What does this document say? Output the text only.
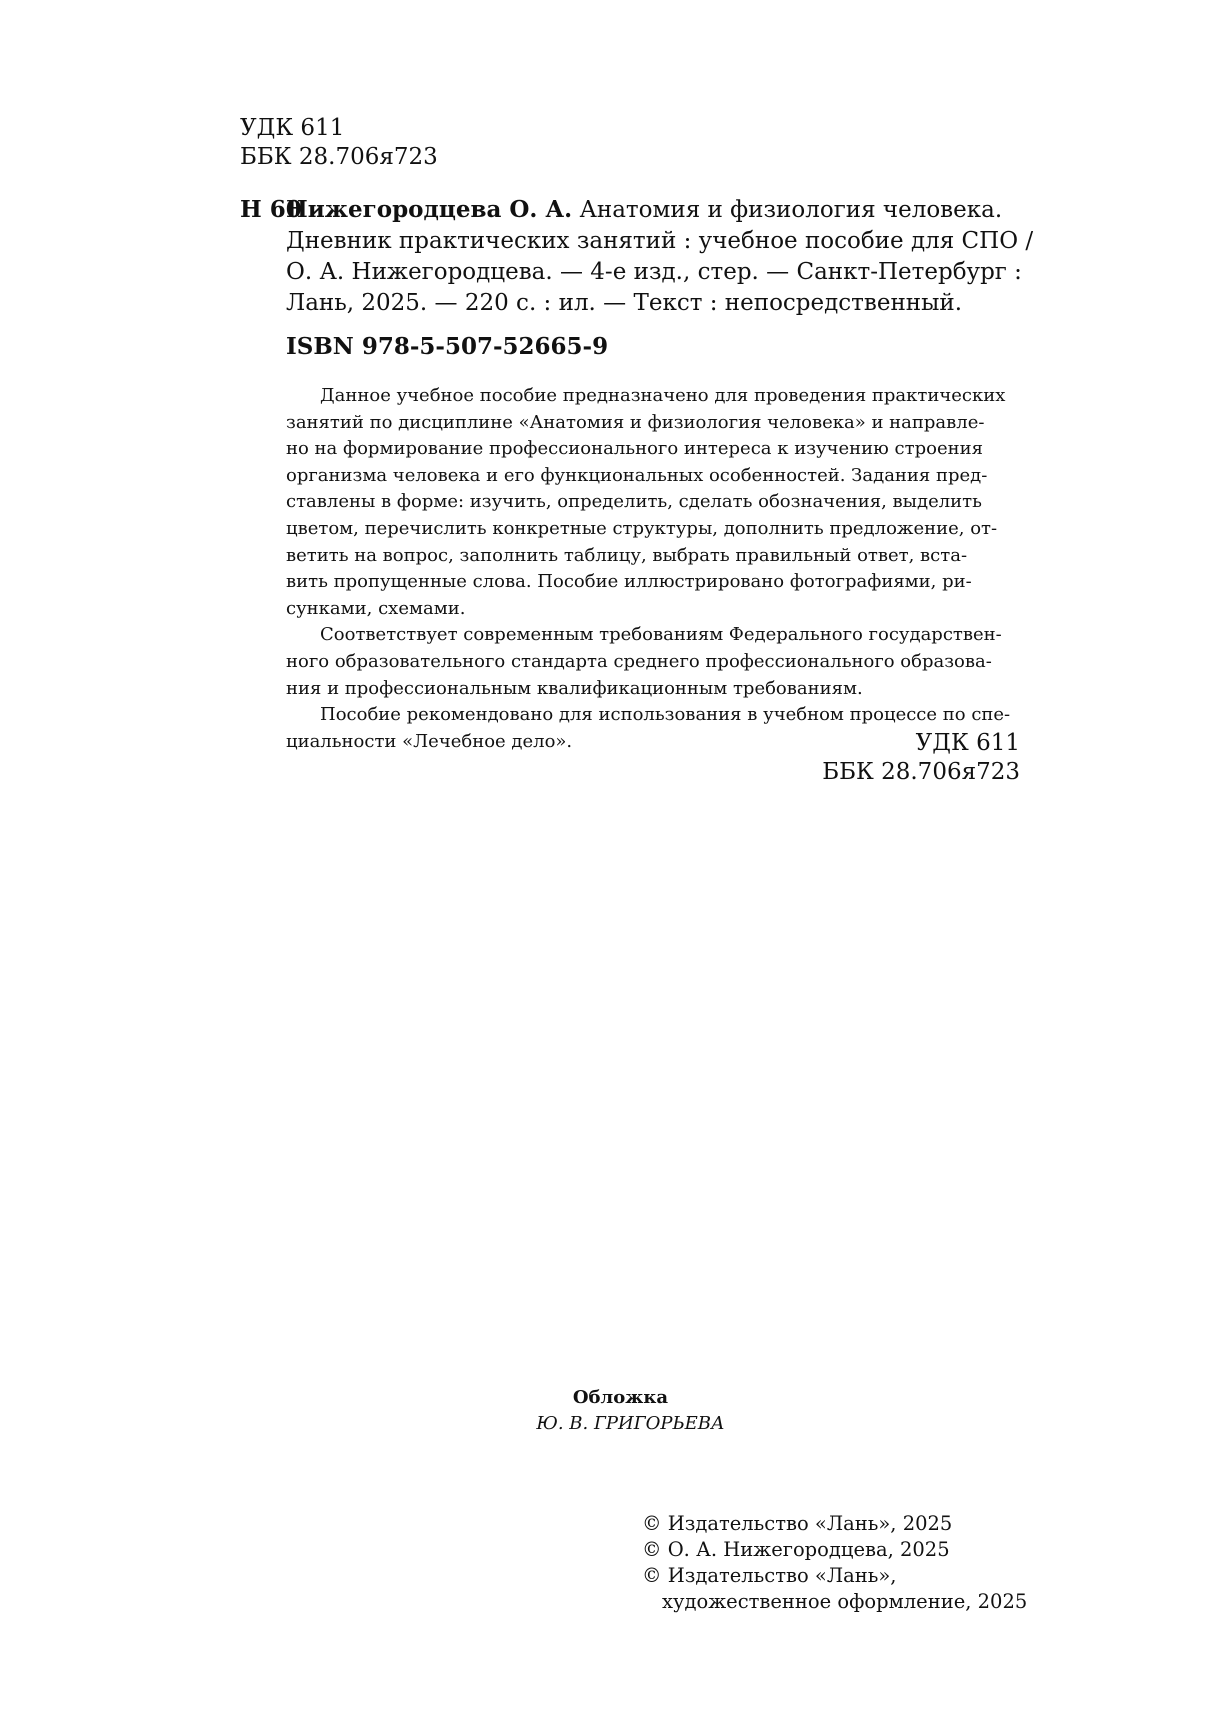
УДК 611
ББК 28.706я723
Н 60Нижегородцева О. А. Анатомия и физиология человека.
Дневник практических занятий : учебное пособие для СПО /
О. А. Нижегородцева. — 4-е изд., стер. — Санкт-Петербург :
Лань, 2025. — 220 с. : ил. — Текст : непосредственный.
ISBN 978-5-507-52665-9
Данное учебное пособие предназначено для проведения практических
занятий по дисциплине «Анатомия и физиология человека» и направле-
но на формирование профессионального интереса к изучению строения
организма человека и его функциональных особенностей. Задания пред-
ставлены в форме: изучить, определить, сделать обозначения, выделить
цветом, перечислить конкретные структуры, дополнить предложение, от-
ветить на вопрос, заполнить таблицу, выбрать правильный ответ, вста-
вить пропущенные слова. Пособие иллюстрировано фотографиями, ри-
сунками, схемами.
Соответствует современным требованиям Федерального государствен-
ного образовательного стандарта среднего профессионального образова-
ния и профессиональным квалификационным требованиям.
Пособие рекомендовано для использования в учебном процессе по спе-
циальности «Лечебное дело».	УДК 611
ББК 28.706я723
Обложка
Ю. В. ГРИГОРЬЕВА
© Издательство «Лань», 2025
© О. А. Нижегородцева, 2025
© Издательство «Лань»,
художественное оформление, 2025
